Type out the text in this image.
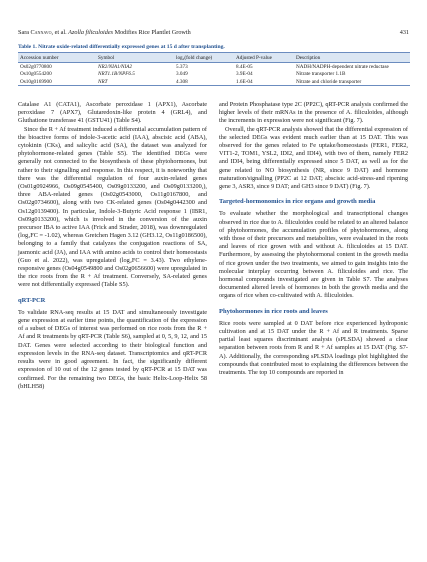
Sara Cannavo, et al. Azolla filiculoides Modifies Rice Plantlet Growth	431
Table 1. Nitrate oxide-related differentially expressed genes at 15 d after transplanting.
Accession number	Symbol	log₂(fold change)	Adjusted P-value	Description
Os02g0770800	NR2/NIA1/NIA2	5.373	8.4E-05	NADH/NADPH-dependent nitrate reductase
Os10g0554200	NRT1.1B/NPF6.5	3.049	3.9E-04	Nitrate transporter 1.1B
Os10g0169900	NRT	4.308	1.6E-04	Nitrate and chloride transporter

Catalase A1 (CATA1), Ascorbate peroxidase 1 (APX1), Ascorbate peroxidase 7 (APX7), Glutaredoxin-like protein 4 (GRL4), and Gluthatione transferase 41 (GSTU41) (Table S4).

Since the R + Af treatment induced a differential accumulation pattern of the bioactive forms of indole-3-acetic acid (IAA), abscisic acid (ABA), cytokinin (CKs), and salicylic acid (SA), the dataset was analyzed for phytohormone-related genes (Table S5). The identified DEGs were generally not connected to the biosynthesis of these phytohormones, but rather to their signalling and response. In this respect, it is noteworthy that there was the differential regulation of four auxin-related genes (Os01g0924966, Os09g0545400, Os09g0133200, and Os09g0133200,), three ABA-related genes (Os02g0543000, Os11g0167800, and Os02g0734600), along with two CK-related genes (Os04g0442300 and Os12g0139400). In particular, Indole-3-Butyric Acid response 1 (IBR1, Os09g0133200), which is involved in the conversion of the auxin precursor IBA to active IAA (Frick and Strader, 2018), was downregulated (log₂FC = -1.02), whereas Gretchen Hagen 3.12 (GH3.12, Os11g0186500), belonging to a family that catalyzes the conjugation reactions of SA, jasmonic acid (JA), and IAA with amino acids to control their homeostasis (Guo et al. 2022), was upregulated (log₂FC = 3.43). Two ethylene-responsive genes (Os04g0549800 and Os02g0656600) were upregulated in the rice roots from the R + Af treatment. Conversely, SA-related genes were not differentially expressed (Table S5).

qRT-PCR

To validate RNA-seq results at 15 DAT and simultaneously investigate gene expression at earlier time points, the quantification of the expression of a subset of DEGs of interest was performed on rice roots from the R + Af and R treatments by qRT-PCR (Table S6), sampled at 0, 5, 9, 12, and 15 DAT. Genes were selected according to their biological function and expression levels in the RNA-seq dataset. Transcriptomics and qRT-PCR results were in good agreement. In fact, the significantly different expression of 10 out of the 12 genes tested by qRT-PCR at 15 DAT was confirmed. For the remaining two DEGs, the basic Helix-Loop-Helix 58 (bHLH58)

and Protein Phosphatase type 2C (PP2C), qRT-PCR analysis confirmed the higher levels of their mRNAs in the presence of A. filiculoides, although the increments in expression were not significant (Fig. 7).

Overall, the qRT-PCR analysis showed that the differential expression of the selected DEGs was evident much earlier than at 15 DAT. This was observed for the genes related to Fe uptake/homeostasis (FER1, FER2, VIT1-2, TOM1, YSL2, IDI2, and IDI4), with two of them, namely FER2 and IDI4, being differentially expressed since 5 DAT, as well as for the gene related to NO biosynthesis (NR, since 9 DAT) and hormone maturation/signalling (PP2C at 12 DAT; abscisic acid-stress-and ripening gene 3, ASR3, since 9 DAT; and GH3 since 9 DAT) (Fig. 7).

Targeted-hormonomics in rice organs and growth media

To evaluate whether the morphological and transcriptional changes observed in rice due to A. filiculoides could be related to an altered balance of phytohormones, the accumulation profiles of phytohormones, along with those of their precursors and metabolites, were evaluated in the roots and leaves of rice grown with and without A. filiculoides at 15 DAT. Furthermore, by assessing the phytohormonal content in the growth media of rice grown under the two treatments, we aimed to gain insights into the molecular interplay occurring between A. filiculoides and rice. The hormonal compounds investigated are given in Table S7. The analyses documented altered levels of hormones in both the growth media and the organs of rice when co-cultivated with A. filiculoides.

Phytohormones in rice roots and leaves

Rice roots were sampled at 0 DAT before rice experienced hydroponic cultivation and at 15 DAT under the R + Af and R treatments. Sparse partial least squares discriminant analysis (sPLSDA) showed a clear separation between roots from R and R + Af samples at 15 DAT (Fig. S7-A). Additionally, the corresponding sPLSDA loadings plot highlighted the compounds that contributed most to explaining the differences between the treatments. The top 10 compounds are reported in
